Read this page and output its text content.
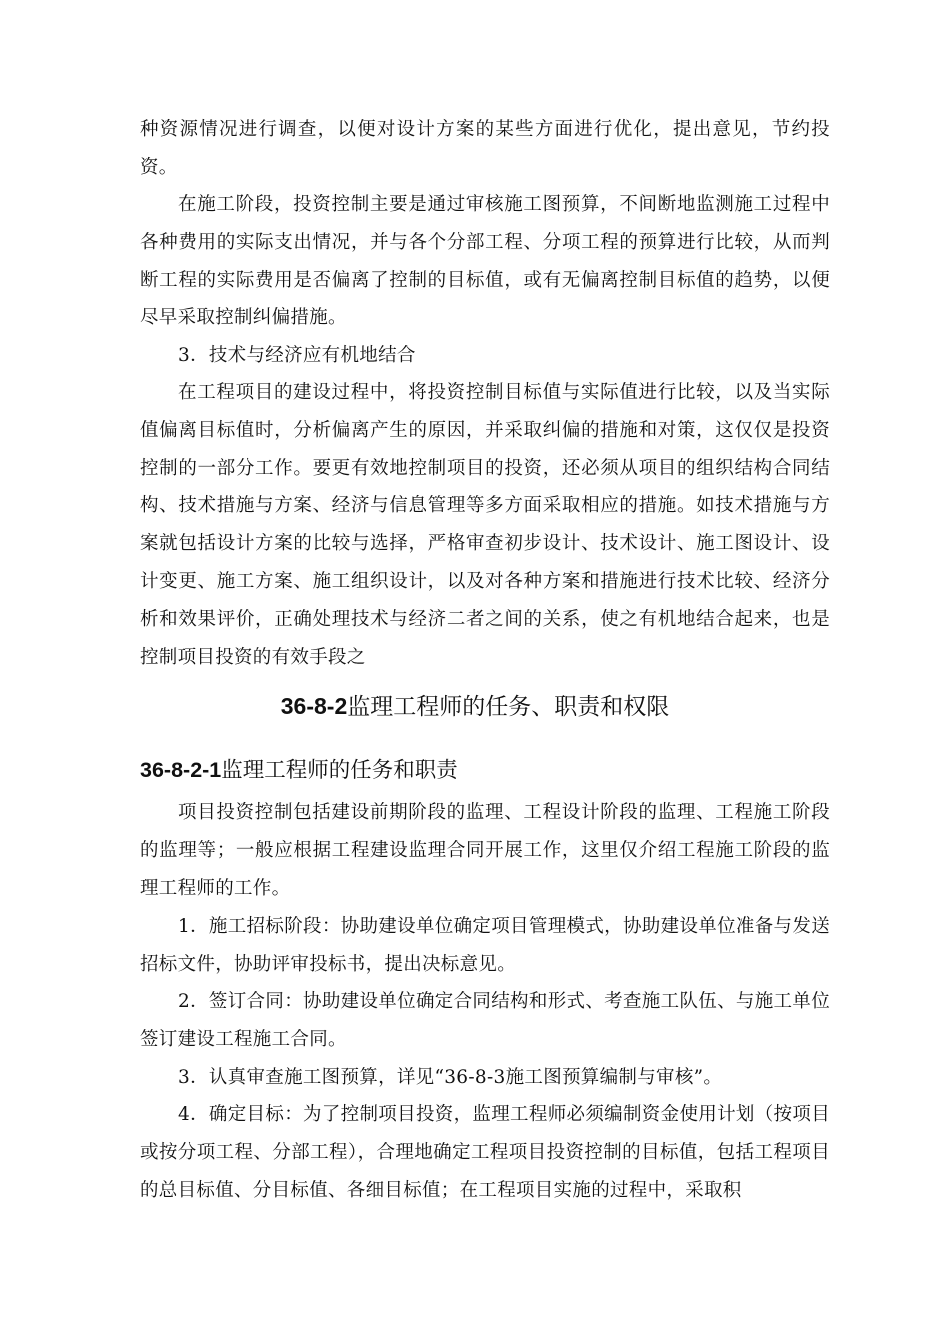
种资源情况进行调查，以便对设计方案的某些方面进行优化，提出意见，节约投资。

在施工阶段，投资控制主要是通过审核施工图预算，不间断地监测施工过程中各种费用的实际支出情况，并与各个分部工程、分项工程的预算进行比较，从而判断工程的实际费用是否偏离了控制的目标值，或有无偏离控制目标值的趋势，以便尽早采取控制纠偏措施。

3．技术与经济应有机地结合

在工程项目的建设过程中，将投资控制目标值与实际值进行比较，以及当实际值偏离目标值时，分析偏离产生的原因，并采取纠偏的措施和对策，这仅仅是投资控制的一部分工作。要更有效地控制项目的投资，还必须从项目的组织结构合同结构、技术措施与方案、经济与信息管理等多方面采取相应的措施。如技术措施与方案就包括设计方案的比较与选择，严格审查初步设计、技术设计、施工图设计、设计变更、施工方案、施工组织设计，以及对各种方案和措施进行技术比较、经济分析和效果评价，正确处理技术与经济二者之间的关系，使之有机地结合起来，也是控制项目投资的有效手段之

36-8-2监理工程师的任务、职责和权限
36-8-2-1监理工程师的任务和职责

项目投资控制包括建设前期阶段的监理、工程设计阶段的监理、工程施工阶段的监理等；一般应根据工程建设监理合同开展工作，这里仅介绍工程施工阶段的监理工程师的工作。

1．施工招标阶段：协助建设单位确定项目管理模式，协助建设单位准备与发送招标文件，协助评审投标书，提出决标意见。

2．签订合同：协助建设单位确定合同结构和形式、考查施工队伍、与施工单位签订建设工程施工合同。

3．认真审查施工图预算，详见“36-8-3施工图预算编制与审核”。

4．确定目标：为了控制项目投资，监理工程师必须编制资金使用计划（按项目或按分项工程、分部工程），合理地确定工程项目投资控制的目标值，包括工程项目的总目标值、分目标值、各细目标值；在工程项目实施的过程中，采取积
